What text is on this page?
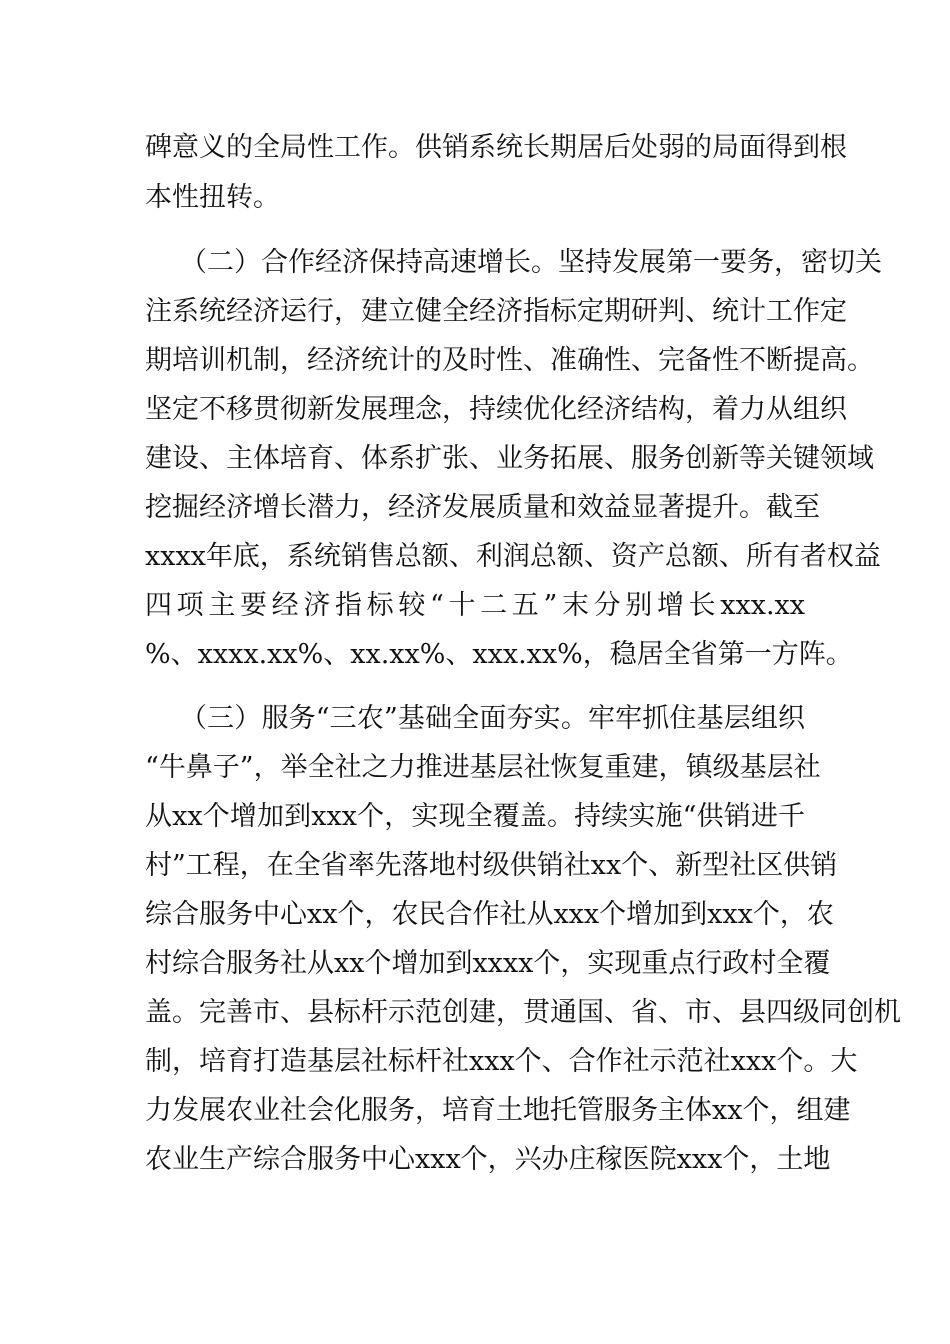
碑意义的全局性工作。供销系统长期居后处弱的局面得到根
本性扭转。
（二）合作经济保持高速增长。坚持发展第一要务，密切关
注系统经济运行，建立健全经济指标定期研判、统计工作定
期培训机制，经济统计的及时性、准确性、完备性不断提高。
坚定不移贯彻新发展理念，持续优化经济结构，着力从组织
建设、主体培育、体系扩张、业务拓展、服务创新等关键领域
挖掘经济增长潜力，经济发展质量和效益显著提升。截至
xxxx年底，系统销售总额、利润总额、资产总额、所有者权益
四项主要经济指标较“十二五”末分别增长xxx.xx
%、xxxx.xx%、xx.xx%、xxx.xx%，稳居全省第一方阵。
（三）服务“三农”基础全面夯实。牢牢抓住基层组织
“牛鼻子”，举全社之力推进基层社恢复重建，镇级基层社
从xx个增加到xxx个，实现全覆盖。持续实施“供销进千
村”工程，在全省率先落地村级供销社xx个、新型社区供销
综合服务中心xx个，农民合作社从xxx个增加到xxx个，农
村综合服务社从xx个增加到xxxx个，实现重点行政村全覆
盖。完善市、县标杆示范创建，贯通国、省、市、县四级同创机
制，培育打造基层社标杆社xxx个、合作社示范社xxx个。大
力发展农业社会化服务，培育土地托管服务主体xx个，组建
农业生产综合服务中心xxx个，兴办庄稼医院xxx个，土地
